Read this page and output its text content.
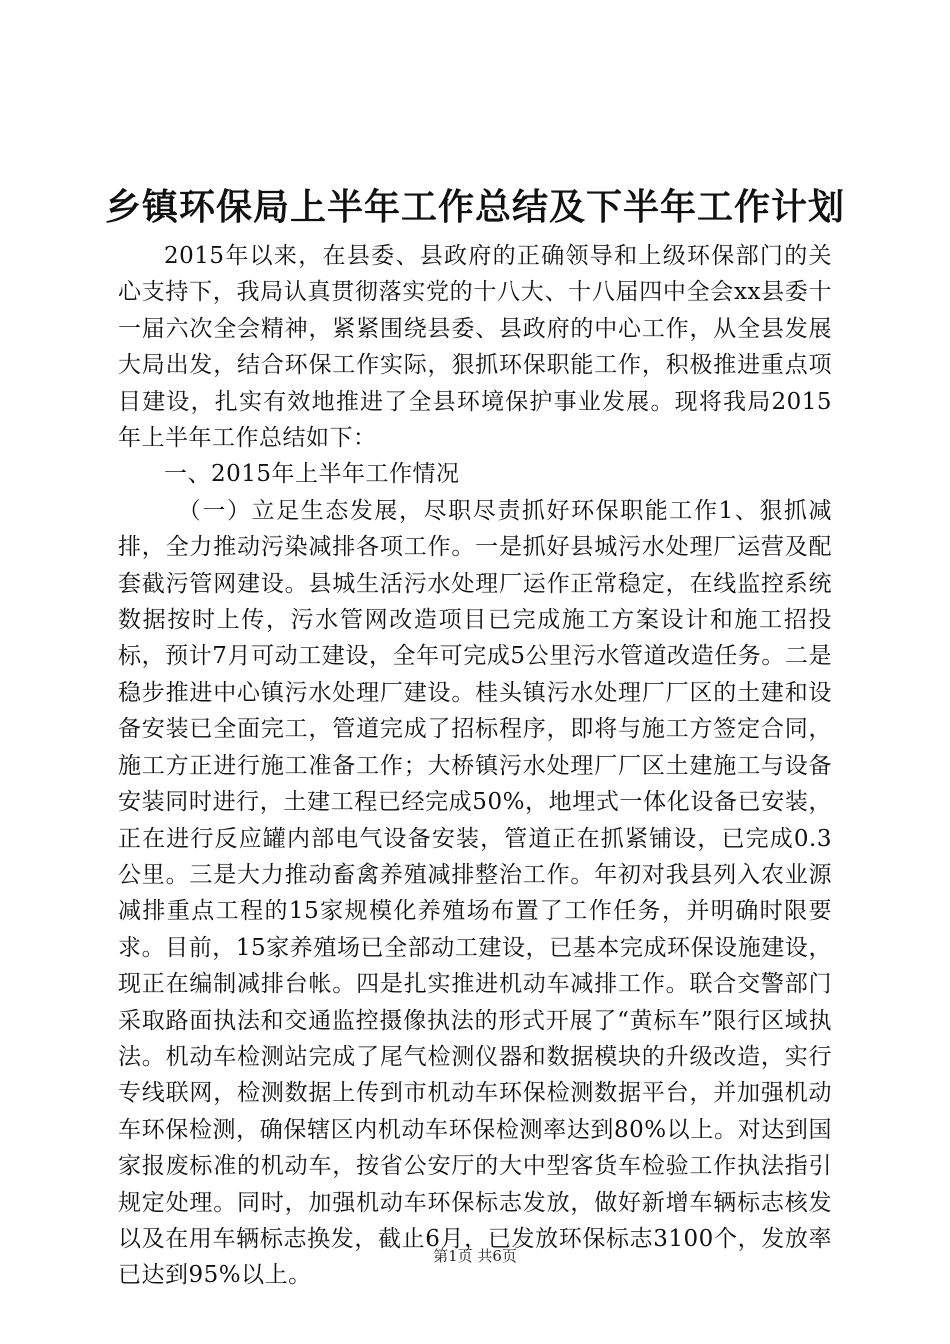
乡镇环保局上半年工作总结及下半年工作计划

2015年以来，在县委、县政府的正确领导和上级环保部门的关心支持下，我局认真贯彻落实党的十八大、十八届四中全会xx县委十一届六次全会精神，紧紧围绕县委、县政府的中心工作，从全县发展大局出发，结合环保工作实际，狠抓环保职能工作，积极推进重点项目建设，扎实有效地推进了全县环境保护事业发展。现将我局2015年上半年工作总结如下：

一、2015年上半年工作情况

（一）立足生态发展，尽职尽责抓好环保职能工作1、狠抓减排，全力推动污染减排各项工作。一是抓好县城污水处理厂运营及配套截污管网建设。县城生活污水处理厂运作正常稳定，在线监控系统数据按时上传，污水管网改造项目已完成施工方案设计和施工招投标，预计7月可动工建设，全年可完成5公里污水管道改造任务。二是稳步推进中心镇污水处理厂建设。桂头镇污水处理厂厂区的土建和设备安装已全面完工，管道完成了招标程序，即将与施工方签定合同，施工方正进行施工准备工作；大桥镇污水处理厂厂区土建施工与设备安装同时进行，土建工程已经完成50%，地埋式一体化设备已安装，正在进行反应罐内部电气设备安装，管道正在抓紧铺设，已完成0.3公里。三是大力推动畜禽养殖减排整治工作。年初对我县列入农业源减排重点工程的15家规模化养殖场布置了工作任务，并明确时限要求。目前，15家养殖场已全部动工建设，已基本完成环保设施建设，现正在编制减排台帐。四是扎实推进机动车减排工作。联合交警部门采取路面执法和交通监控摄像执法的形式开展了“黄标车”限行区域执法。机动车检测站完成了尾气检测仪器和数据模块的升级改造，实行专线联网，检测数据上传到市机动车环保检测数据平台，并加强机动车环保检测，确保辖区内机动车环保检测率达到80%以上。对达到国家报废标准的机动车，按省公安厅的大中型客货车检验工作执法指引规定处理。同时，加强机动车环保标志发放，做好新增车辆标志核发以及在用车辆标志换发，截止6月，已发放环保标志3100个，发放率已达到95%以上。

第1页 共6页
